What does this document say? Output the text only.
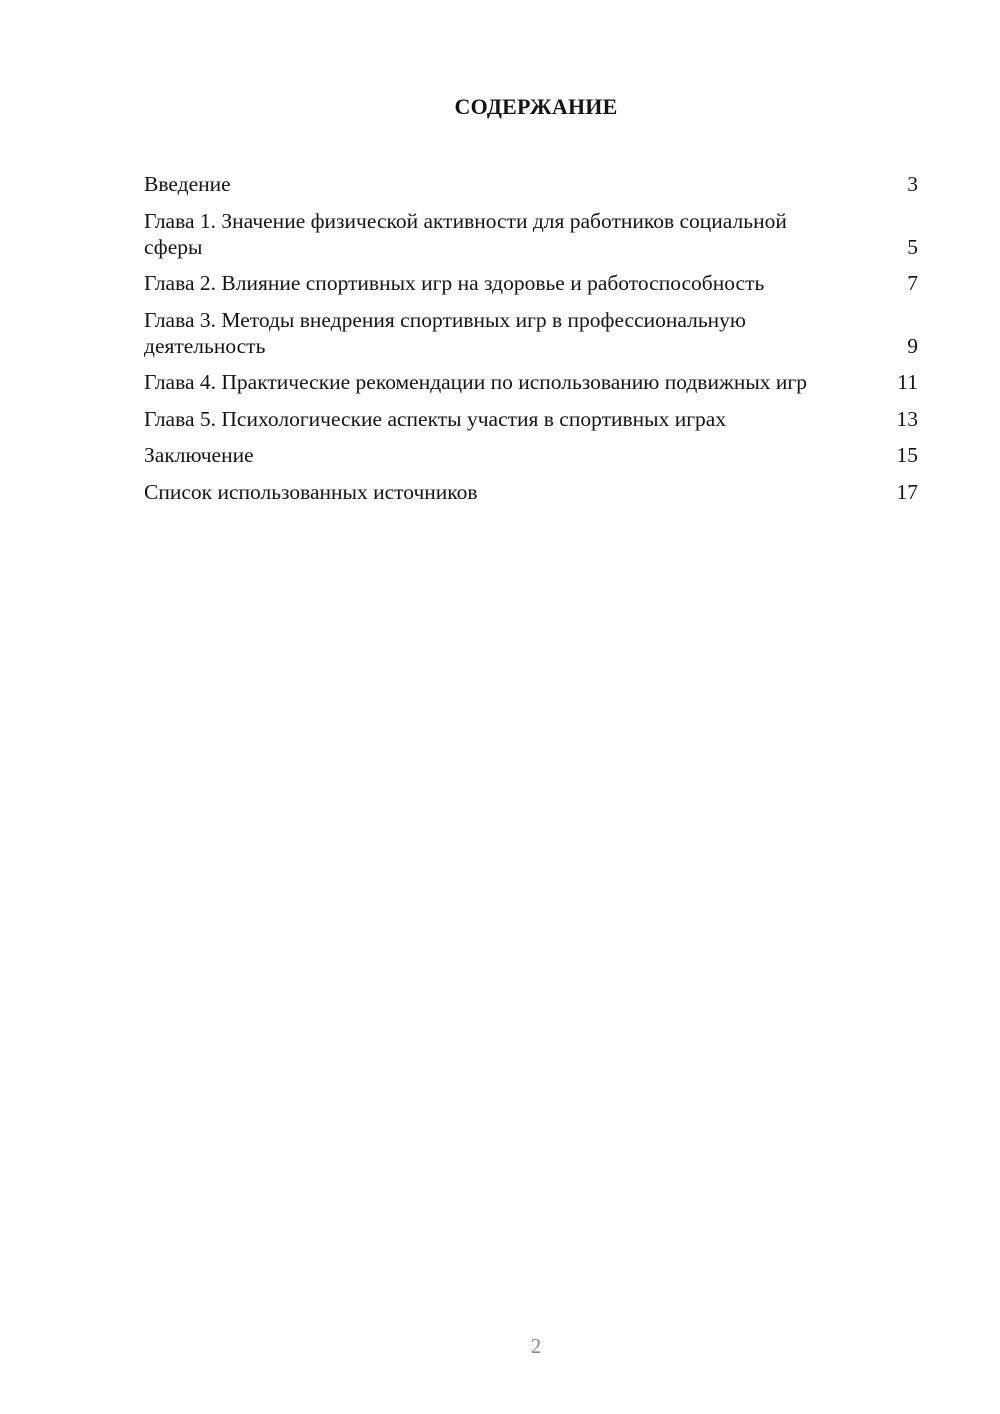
СОДЕРЖАНИЕ
Введение	3
Глава 1. Значение физической активности для работников социальной сферы	5
Глава 2. Влияние спортивных игр на здоровье и работоспособность	7
Глава 3. Методы внедрения спортивных игр в профессиональную деятельность	9
Глава 4. Практические рекомендации по использованию подвижных игр	11
Глава 5. Психологические аспекты участия в спортивных играх	13
Заключение	15
Список использованных источников	17
2
